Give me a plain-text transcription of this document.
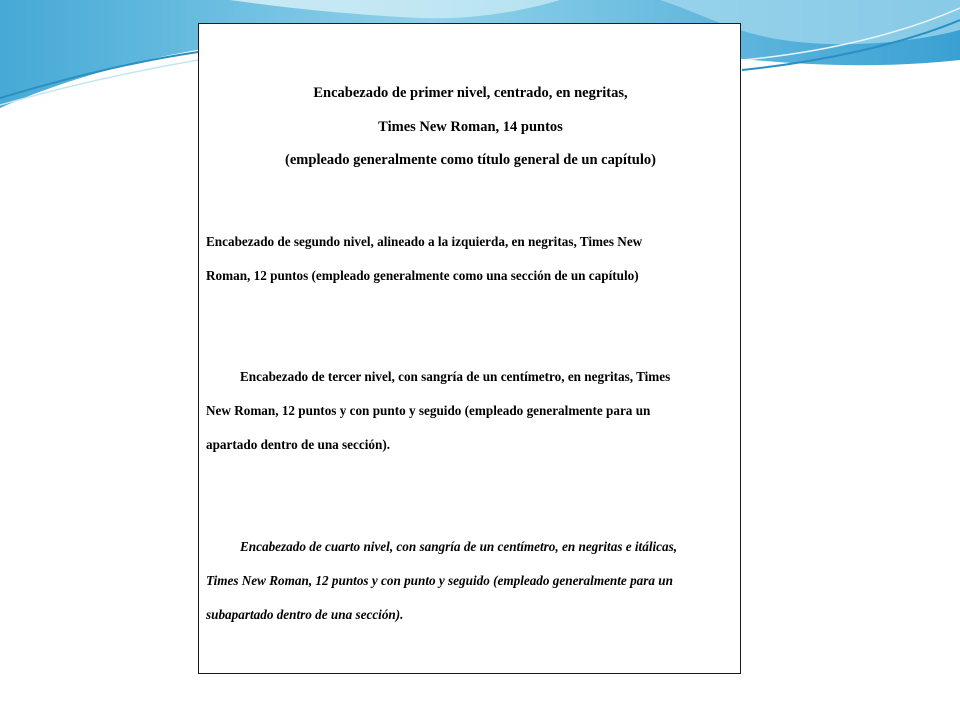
Encabezado de primer nivel, centrado, en negritas,
Times New Roman, 14 puntos
(empleado generalmente como título general de un capítulo)
Encabezado de segundo nivel, alineado a la izquierda, en negritas, Times New
Roman, 12 puntos (empleado generalmente como una sección de un capítulo)
Encabezado de tercer nivel, con sangría de un centímetro, en negritas, Times
New Roman, 12 puntos y con punto y seguido (empleado generalmente para un
apartado dentro de una sección).
Encabezado de cuarto nivel, con sangría de un centímetro, en negritas e itálicas,
Times New Roman, 12 puntos y con punto y seguido (empleado generalmente para un
subapartado dentro de una sección).
